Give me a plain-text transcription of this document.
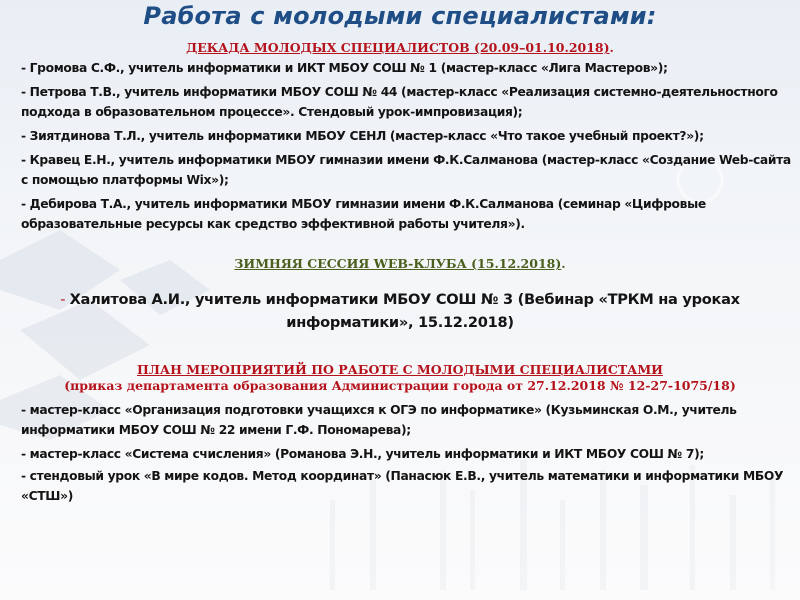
Работа с молодыми специалистами:
ДЕКАДА МОЛОДЫХ СПЕЦИАЛИСТОВ (20.09–01.10.2018).
- Громова С.Ф., учитель информатики и ИКТ МБОУ СОШ № 1 (мастер-класс «Лига Мастеров»);
- Петрова Т.В., учитель информатики МБОУ СОШ № 44 (мастер-класс «Реализация системно-деятельностного подхода в образовательном процессе». Стендовый урок-импровизация);
- Зиятдинова Т.Л., учитель информатики МБОУ СЕНЛ (мастер-класс «Что такое учебный проект?»);
- Кравец Е.Н., учитель информатики МБОУ гимназии имени Ф.К.Салманова (мастер-класс «Создание Web-сайта с помощью платформы Wix»);
- Дебирова Т.А., учитель информатики МБОУ гимназии имени Ф.К.Салманова (семинар «Цифровые образовательные ресурсы как средство эффективной работы учителя»).
ЗИМНЯЯ СЕССИЯ WEB-КЛУБА (15.12.2018).
- Халитова А.И., учитель информатики МБОУ СОШ № 3 (Вебинар «ТРКМ на уроках информатики», 15.12.2018)
ПЛАН МЕРОПРИЯТИЙ ПО РАБОТЕ С МОЛОДЫМИ СПЕЦИАЛИСТАМИ
(приказ департамента образования Администрации города от 27.12.2018 № 12-27-1075/18)
- мастер-класс «Организация подготовки учащихся к ОГЭ по информатике» (Кузьминская О.М., учитель информатики МБОУ СОШ № 22 имени Г.Ф. Пономарева);
- мастер-класс «Система счисления» (Романова Э.Н., учитель информатики и ИКТ МБОУ СОШ № 7);
- стендовый урок «В мире кодов. Метод координат» (Панасюк Е.В., учитель математики и информатики МБОУ «СТШ»)
